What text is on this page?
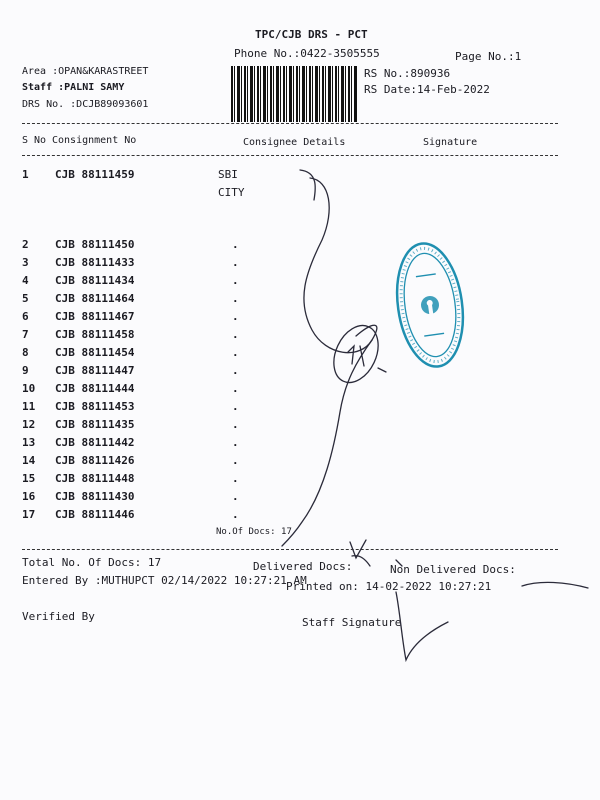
TPC/CJB DRS - PCT
Phone No.:0422-3505555	Page No.:1
Area :OPAN&KARASTREET
Staff :PALNI SAMY
DRS No. :DCJB89093601
RS No.:890936
RS Date:14-Feb-2022
S No Consignment No	Consignee Details	Signature
1	CJB 88111459	SBI CITY
2	CJB 88111450	.
3	CJB 88111433	.
4	CJB 88111434	.
5	CJB 88111464	.
6	CJB 88111467	.
7	CJB 88111458	.
8	CJB 88111454	.
9	CJB 88111447	.
10	CJB 88111444	.
11	CJB 88111453	.
12	CJB 88111435	.
13	CJB 88111442	.
14	CJB 88111426	.
15	CJB 88111448	.
16	CJB 88111430	.
17	CJB 88111446	.
No.Of Docs: 17
Total No. Of Docs: 17	Delivered Docs:	Non Delivered Docs:
Entered By :MUTHUPCT 02/14/2022 10:27:21 AM
Printed on: 14-02-2022 10:27:21
Verified By	Staff Signature
